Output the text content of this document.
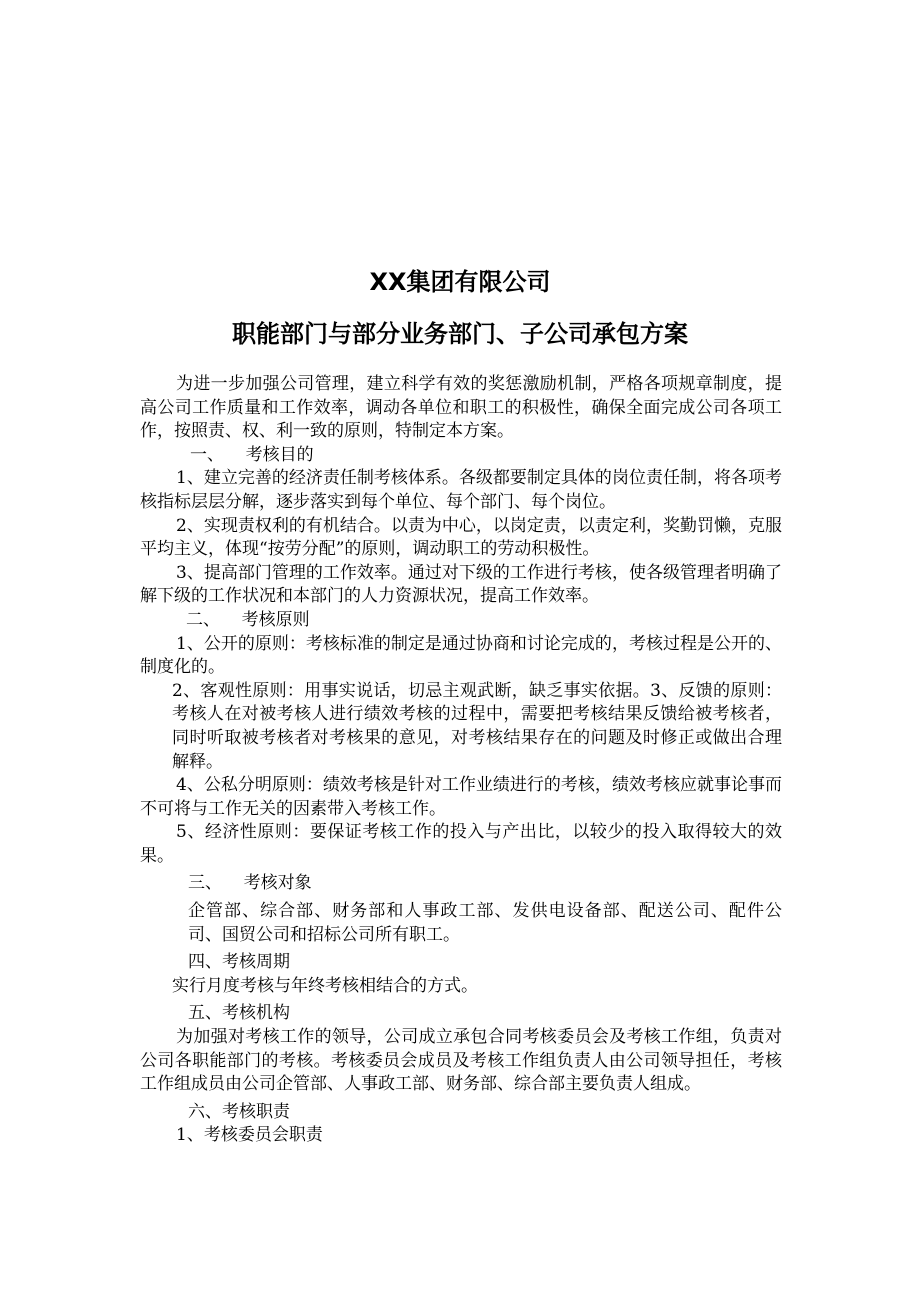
XX集团有限公司
职能部门与部分业务部门、子公司承包方案

为进一步加强公司管理，建立科学有效的奖惩激励机制，严格各项规章制度，提高公司工作质量和工作效率，调动各单位和职工的积极性，确保全面完成公司各项工作，按照责、权、利一致的原则，特制定本方案。

一、    考核目的

1、建立完善的经济责任制考核体系。各级都要制定具体的岗位责任制，将各项考核指标层层分解，逐步落实到每个单位、每个部门、每个岗位。

2、实现责权利的有机结合。以责为中心，以岗定责，以责定利，奖勤罚懒，克服平均主义，体现“按劳分配”的原则，调动职工的劳动积极性。

3、提高部门管理的工作效率。通过对下级的工作进行考核，使各级管理者明确了解下级的工作状况和本部门的人力资源状况，提高工作效率。

二、    考核原则

1、公开的原则：考核标准的制定是通过协商和讨论完成的，考核过程是公开的、制度化的。

2、客观性原则：用事实说话，切忌主观武断，缺乏事实依据。3、反馈的原则：考核人在对被考核人进行绩效考核的过程中，需要把考核结果反馈给被考核者，同时听取被考核者对考核果的意见，对考核结果存在的问题及时修正或做出合理解释。

4、公私分明原则：绩效考核是针对工作业绩进行的考核，绩效考核应就事论事而不可将与工作无关的因素带入考核工作。

5、经济性原则：要保证考核工作的投入与产出比，以较少的投入取得较大的效果。

三、    考核对象

企管部、综合部、财务部和人事政工部、发供电设备部、配送公司、配件公司、国贸公司和招标公司所有职工。

四、考核周期

实行月度考核与年终考核相结合的方式。

五、考核机构

为加强对考核工作的领导，公司成立承包合同考核委员会及考核工作组，负责对公司各职能部门的考核。考核委员会成员及考核工作组负责人由公司领导担任，考核工作组成员由公司企管部、人事政工部、财务部、综合部主要负责人组成。

六、考核职责

1、考核委员会职责
